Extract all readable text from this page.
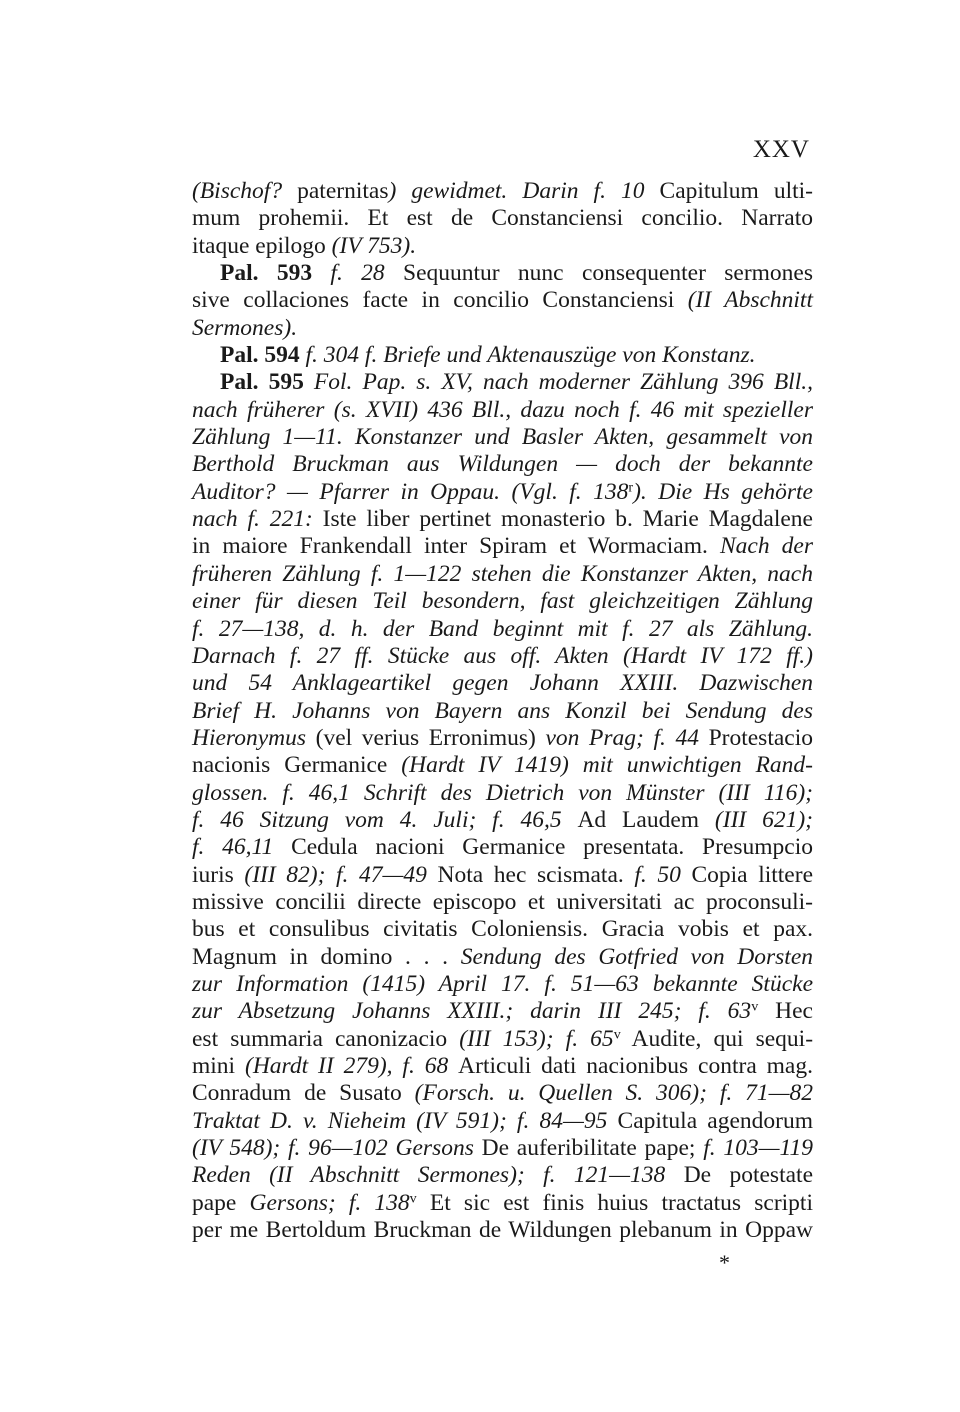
XXV
(Bischof? paternitas) gewidmet. Darin f. 10 Capitulum ulti-
mum prohemii. Et est de Constanciensi concilio. Narrato
itaque epilogo (IV 753).
Pal. 593 f. 28 Sequuntur nunc consequenter sermones
sive collaciones facte in concilio Constanciensi (II Abschnitt
Sermones).
Pal. 594 f. 304 f. Briefe und Aktenauszüge von Konstanz.
Pal. 595 Fol. Pap. s. XV, nach moderner Zählung 396 Bll.,
nach früherer (s. XVII) 436 Bll., dazu noch f. 46 mit spezieller
Zählung 1—11. Konstanzer und Basler Akten, gesammelt von
Berthold Bruckman aus Wildungen — doch der bekannte
Auditor? — Pfarrer in Oppau. (Vgl. f. 138$^r$). Die Hs gehörte
nach f. 221: Iste liber pertinet monasterio b. Marie Magdalene
in maiore Frankendall inter Spiram et Wormaciam. Nach der
früheren Zählung f. 1—122 stehen die Konstanzer Akten, nach
einer für diesen Teil besondern, fast gleichzeitigen Zählung
f. 27—138, d. h. der Band beginnt mit f. 27 als Zählung.
Darnach f. 27 ff. Stücke aus off. Akten (Hardt IV 172 ff.)
und 54 Anklageartikel gegen Johann XXIII. Dazwischen
Brief H. Johanns von Bayern ans Konzil bei Sendung des
Hieronymus (vel verius Erronimus) von Prag; f. 44 Protestacio
nacionis Germanice (Hardt IV 1419) mit unwichtigen Rand-
glossen. f. 46,1 Schrift des Dietrich von Münster (III 116);
f. 46 Sitzung vom 4. Juli; f. 46,5 Ad Laudem (III 621);
f. 46,11 Cedula nacioni Germanice presentata. Presumpcio
iuris (III 82); f. 47—49 Nota hec scismata. f. 50 Copia littere
missive concilii directe episcopo et universitati ac proconsuli-
bus et consulibus civitatis Coloniensis. Gracia vobis et pax.
Magnum in domino . . . Sendung des Gotfried von Dorsten
zur Information (1415) April 17. f. 51—63 bekannte Stücke
zur Absetzung Johanns XXIII.; darin III 245; f. 63$^v$ Hec
est summaria canonizacio (III 153); f. 65$^v$ Audite, qui sequi-
mini (Hardt II 279), f. 68 Articuli dati nacionibus contra mag.
Conradum de Susato (Forsch. u. Quellen S. 306); f. 71—82
Traktat D. v. Nieheim (IV 591); f. 84—95 Capitula agendorum
(IV 548); f. 96—102 Gersons De auferibilitate pape; f. 103—119
Reden (II Abschnitt Sermones); f. 121—138 De potestate
pape Gersons; f. 138$^v$ Et sic est finis huius tractatus scripti
per me Bertoldum Bruckman de Wildungen plebanum in Oppaw
*
